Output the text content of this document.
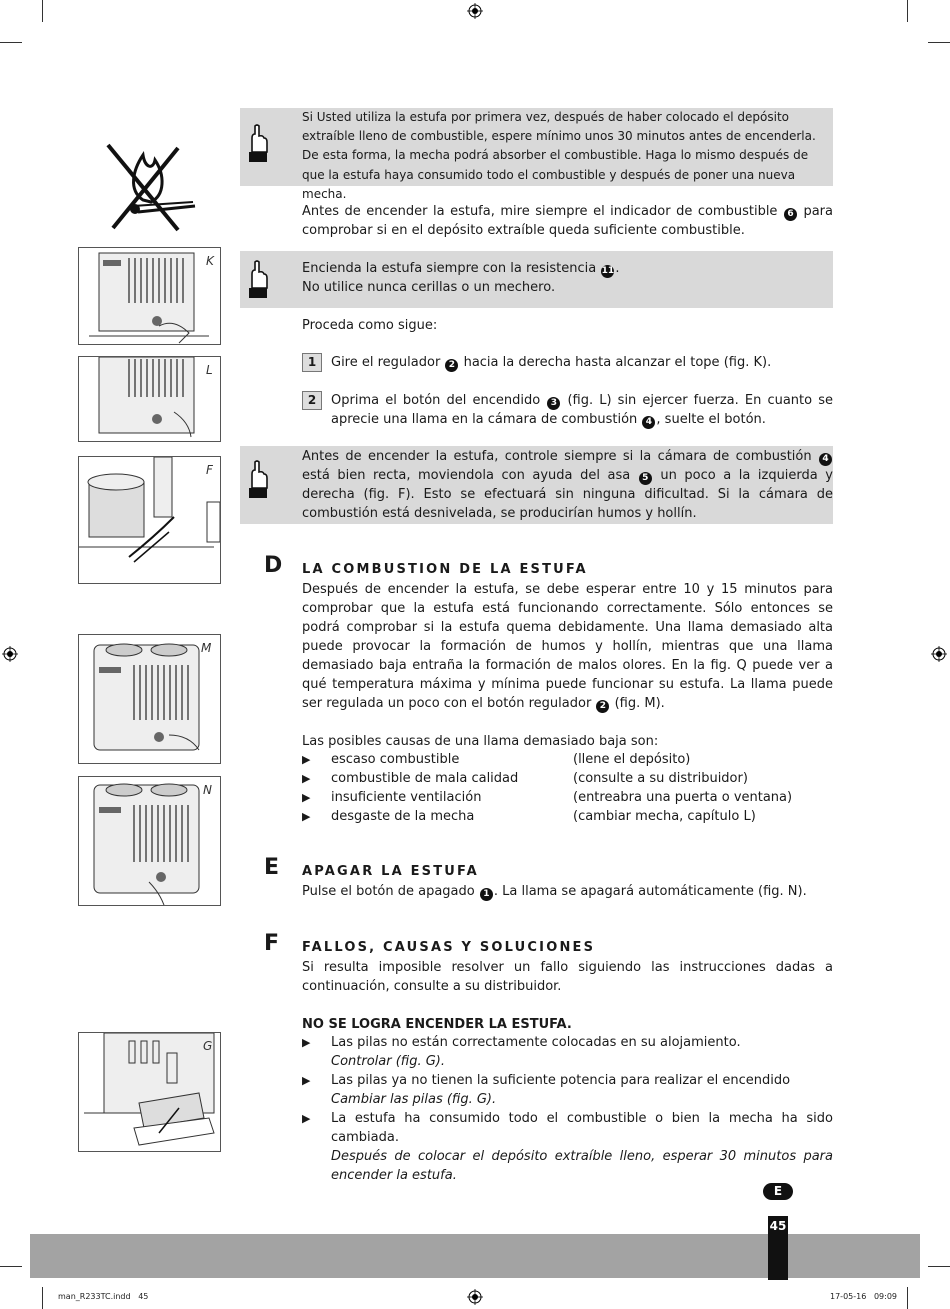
Si Usted utiliza la estufa por primera vez, después de haber colocado el depósito extraíble lleno de combustible, espere mínimo unos 30 minutos antes de encenderla. De esta forma, la mecha podrá absorber el combustible. Haga lo mismo después de que la estufa haya consumido todo el combustible y después de poner una nueva mecha.
Antes de encender la estufa, mire siempre el indicador de combustible 6 para comprobar si en el depósito extraíble queda suficiente combustible.
Encienda la estufa siempre con la resistencia 11.
No utilice nunca cerillas o un mechero.
Proceda como sigue:
1	Gire el regulador 2 hacia la derecha hasta alcanzar el tope (fig. K).
2	Oprima el botón del encendido 3 (fig. L) sin ejercer fuerza. En cuanto se aprecie una llama en la cámara de combustión 4 , suelte el botón.
Antes de encender la estufa, controle siempre si la cámara de combustión 4 está bien recta, moviendola con ayuda del asa 5 un poco a la izquierda y derecha (fig. F). Esto se efectuará sin ninguna dificultad. Si la cámara de combustión está desnivelada, se producirían humos y hollín.
D LA COMBUSTION DE LA ESTUFA
Después de encender la estufa, se debe esperar entre 10 y 15 minutos para comprobar que la estufa está funcionando correctamente. Sólo entonces se podrá comprobar si la estufa quema debidamente. Una llama demasiado alta puede provocar la formación de humos y hollín, mientras que una llama demasiado baja entraña la formación de malos olores. En la fig. Q puede ver a qué temperatura máxima y mínima puede funcionar su estufa. La llama puede ser regulada un poco con el botón regulador 2 (fig. M).
Las posibles causas de una llama demasiado baja son:
▶ escaso combustible	(llene el depósito)
▶ combustible de mala calidad	(consulte a su distribuidor)
▶ insuficiente ventilación	(entreabra una puerta o ventana)
▶ desgaste de la mecha	(cambiar mecha, capítulo L)
E APAGAR LA ESTUFA
Pulse el botón de apagado 1 . La llama se apagará automáticamente (fig. N).
F FALLOS, CAUSAS Y SOLUCIONES
Si resulta imposible resolver un fallo siguiendo las instrucciones dadas a continuación, consulte a su distribuidor.
NO SE LOGRA ENCENDER LA ESTUFA.
▶ Las pilas no están correctamente colocadas en su alojamiento.
Controlar (fig. G).
▶ Las pilas ya no tienen la suficiente potencia para realizar el encendido
Cambiar las pilas (fig. G).
▶ La estufa ha consumido todo el combustible o bien la mecha ha sido cambiada.
Después de colocar el depósito extraíble lleno, esperar 30 minutos para encender la estufa.
K
L
F
M
N
G
E
45
man_R233TC.indd   45	17-05-16   09:09
